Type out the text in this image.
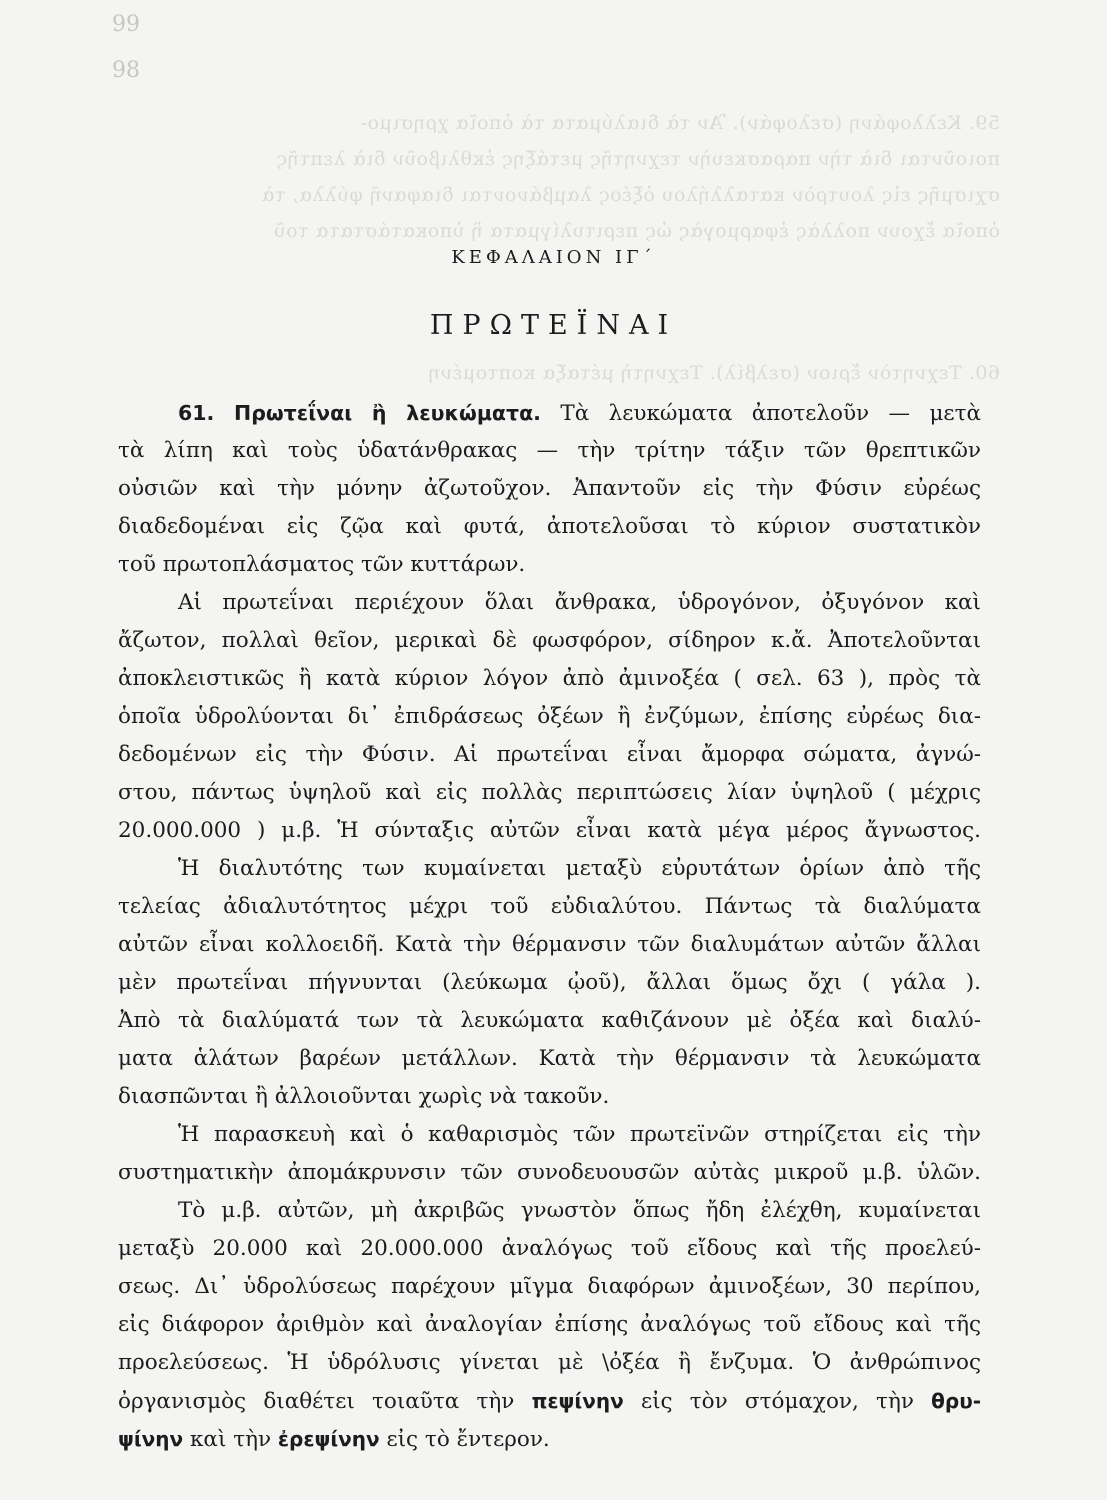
99
98
59. Κελλοφάνη (σελοφάν). Ἂν τὰ διαλύματα τὰ ὁποῖα χρησιμο-
ποιοῦνται διὰ τὴν παρασκευὴν τεχνητῆς μετάξης ἐκθλιβοῦν διὰ λεπτῆς
σχισμῆς εἰς λουτρὸν καταλλήλου ὀξέος λαμβάνονται διαφανῆ φύλλα, τὰ
ὁποῖα ἔχουν πολλὰς ἐφαρμογὰς ὡς περιτυλίγματα ἢ ὑποκατάστατα τοῦ
60. Τεχνητὸν ἔριον (σελβίλ). Τεχνητὴ μέταξα κοπτομένη
ΚΕΦΑΛΑΙΟΝ ΙΓ΄
ΠΡΩΤΕΪΝΑΙ
61. Πρωτεΐναι ἢ λευκώματα. Τὰ λευκώματα ἀποτελοῦν — μετὰ
τὰ λίπη καὶ τοὺς ὑδατάνθρακας — τὴν τρίτην τάξιν τῶν θρεπτικῶν
οὐσιῶν καὶ τὴν μόνην ἀζωτοῦχον. Ἀπαντοῦν εἰς τὴν Φύσιν εὐρέως
διαδεδομέναι εἰς ζῷα καὶ φυτά, ἀποτελοῦσαι τὸ κύριον συστατικὸν
τοῦ πρωτοπλάσματος τῶν κυττάρων.
Αἱ πρωτεΐναι περιέχουν ὅλαι ἄνθρακα, ὑδρογόνον, ὀξυγόνον καὶ
ἄζωτον, πολλαὶ θεῖον, μερικαὶ δὲ φωσφόρον, σίδηρον κ.ἄ. Ἀποτελοῦνται
ἀποκλειστικῶς ἢ κατὰ κύριον λόγον ἀπὸ ἀμινοξέα ( σελ. 63 ), πρὸς τὰ
ὁποῖα ὑδρολύονται δι᾽ ἐπιδράσεως ὀξέων ἢ ἐνζύμων, ἐπίσης εὐρέως δια-
δεδομένων εἰς τὴν Φύσιν. Αἱ πρωτεΐναι εἶναι ἄμορφα σώματα, ἀγνώ-
στου, πάντως ὑψηλοῦ καὶ εἰς πολλὰς περιπτώσεις λίαν ὑψηλοῦ ( μέχρις
20.000.000 ) μ.β. Ἡ σύνταξις αὐτῶν εἶναι κατὰ μέγα μέρος ἄγνωστος.
Ἡ διαλυτότης των κυμαίνεται μεταξὺ εὐρυτάτων ὁρίων ἀπὸ τῆς
τελείας ἀδιαλυτότητος μέχρι τοῦ εὐδιαλύτου. Πάντως τὰ διαλύματα
αὐτῶν εἶναι κολλοειδῆ. Κατὰ τὴν θέρμανσιν τῶν διαλυμάτων αὐτῶν ἄλλαι
μὲν πρωτεΐναι πήγνυνται (λεύκωμα ᾠοῦ), ἄλλαι ὅμως ὄχι ( γάλα ).
Ἀπὸ τὰ διαλύματά των τὰ λευκώματα καθιζάνουν μὲ ὀξέα καὶ διαλύ-
ματα ἁλάτων βαρέων μετάλλων. Κατὰ τὴν θέρμανσιν τὰ λευκώματα
διασπῶνται ἢ ἀλλοιοῦνται χωρὶς νὰ τακοῦν.
Ἡ παρασκευὴ καὶ ὁ καθαρισμὸς τῶν πρωτεϊνῶν στηρίζεται εἰς τὴν
συστηματικὴν ἀπομάκρυνσιν τῶν συνοδευουσῶν αὐτὰς μικροῦ μ.β. ὑλῶν.
Τὸ μ.β. αὐτῶν, μὴ ἀκριβῶς γνωστὸν ὅπως ἤδη ἐλέχθη, κυμαίνεται
μεταξὺ 20.000 καὶ 20.000.000 ἀναλόγως τοῦ εἴδους καὶ τῆς προελεύ-
σεως. Δι᾽ ὑδρολύσεως παρέχουν μῖγμα διαφόρων ἀμινοξέων, 30 περίπου,
εἰς διάφορον ἀριθμὸν καὶ ἀναλογίαν ἐπίσης ἀναλόγως τοῦ εἴδους καὶ τῆς
προελεύσεως. Ἡ ὑδρόλυσις γίνεται μὲ \ὀξέα ἢ ἔνζυμα. Ὁ ἀνθρώπινος
ὀργανισμὸς διαθέτει τοιαῦτα τὴν πεψίνην εἰς τὸν στόμαχον, τὴν θρυ-
ψίνην καὶ τὴν ἐρεψίνην εἰς τὸ ἔντερον.
